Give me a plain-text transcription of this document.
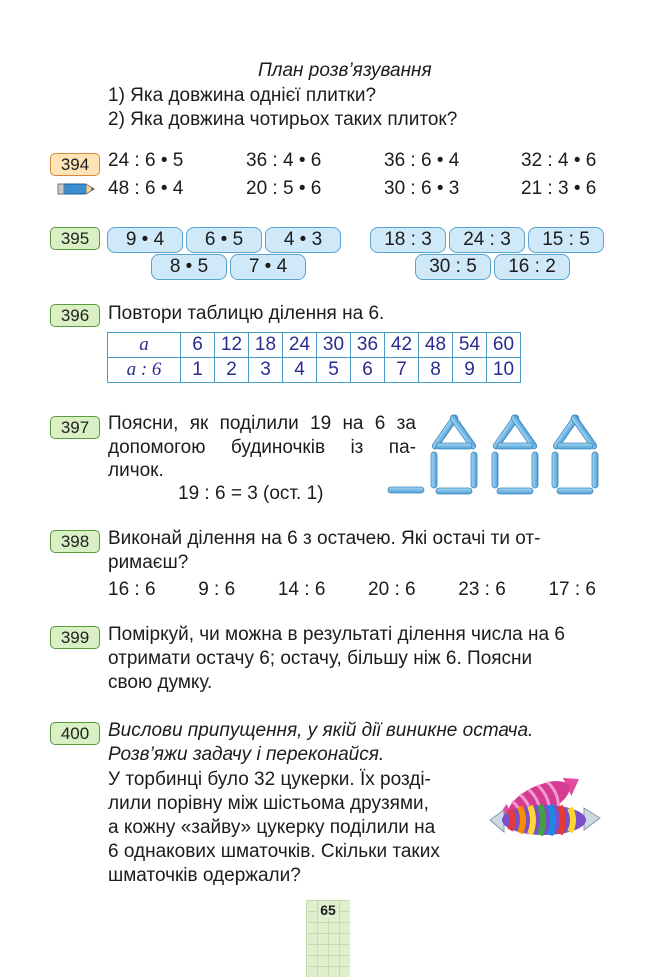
План розв’язування
1) Яка довжина однієї плитки?
2) Яка довжина чотирьох таких плиток?
394 24 : 6 • 5	36 : 4 • 6	36 : 6 • 4	32 : 4 • 6
48 : 6 • 4	20 : 5 • 6	30 : 6 • 3	21 : 3 • 6
395	9 • 4	6 • 5	4 • 3
8 • 5	7 • 4
18 : 3	24 : 3	15 : 5
30 : 5	16 : 2
396 Повтори таблицю ділення на 6.
a	6	12	18	24	30	36	42	48	54	60
a : 6	1	2	3	4	5	6	7	8	9	10
397 Поясни, як поділили 19 на 6 за
допомогою будиночків із па-
личок.
19 : 6 = 3 (ост. 1)
398 Виконай ділення на 6 з остачею. Які остачі ти от-
римаєш?
16 : 6 9 : 6 14 : 6 20 : 6 23 : 6 17 : 6
399 Поміркуй, чи можна в результаті ділення числа на 6
отримати остачу 6; остачу, більшу ніж 6. Поясни
свою думку.
400 Вислови припущення, у якій дії виникне остача.
Розв’яжи задачу і переконайся.
У торбинці було 32 цукерки. Їх розді-
лили порівну між шістьома друзями,
а кожну «зайву» цукерку поділили на
6 однакових шматочків. Скільки таких
шматочків одержали?
65
